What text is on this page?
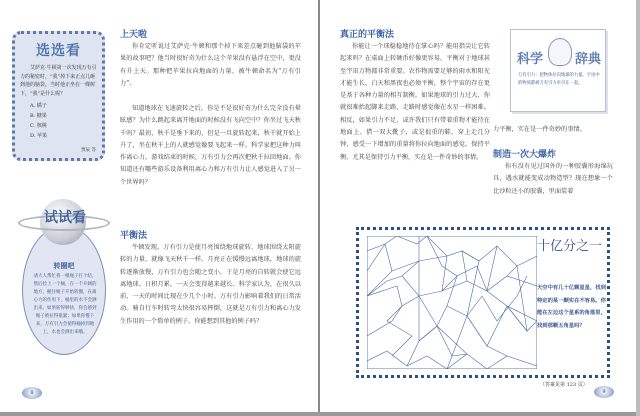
选选看
艾萨克·牛顿第一次发现万有引力的秘密时，“我”掉下来正点儿砸到他的脑袋。当时他正坐在一棵树下，“我”是什么呢？
A. 橘子
B. 糖果
C. 核桃
D. 苹果
贾辰 答
试试看
转圈吧
请大人帮忙将一根绳子打个结，然后拴上一个桶，在一个开阔的地方，握住绳子开始转圈，在离心力的作用下，桶里的水不会洒出来。如果转得够快，你会感到绳子被拉得很紧；如果你慢下来，万有引力会使得桶掉到地上，水也会洒出来哦。
上天啦
你肯定听说过艾萨克·牛顿和那个掉下来差点砸到他脑袋的苹果的故事吧？他当时很好奇为什么这个苹果没有悬浮在空中，更没有升上天。那种把苹果拉向地面的力量，被牛顿命名为“万有引力”。
知道地球在飞速旋转之后，你是不是很好奇为什么完全没有晕眩感？为什么跳起来离开地面的时候没有飞向空中？你坐过飞天秋千吗？最初，秋千是垂下来的，但是一旦旋转起来，秋千就开始上升了，坐在秋千上的人就感觉像要飞起来一样。科学家把这种力叫作离心力。游戏结束的时候，万有引力会再次把秋千拉回地面。你知道还有哪些游乐设备利用离心力和万有引力让人感觉进入了另一个世界吗？
平衡法
牛顿发现，万有引力是使月亮围绕地球旋转、地球围绕太阳旋转的力量，就像飞天秋千一样。月亮正在缓慢远离地球，地球的旋转逐渐放慢，万有引力也会随之变小，于是月亮的自转就会使它远离地球。日积月累，一天会变得越来越长。科学家认为，在很久以前，一天的时间比现在少几个小时。万有引力影响着我们的日常活动。骑自行车时转弯太快很容易摔倒，这就是万有引力和离心力发生作用的一个简单的例子。你能想到其他的例子吗？
8
真正的平衡法
你能让一个球稳稳地待在掌心吗？能用指尖让它转起来吗？在桌面上转硬币好像更容易。平衡对于地球甚至宇宙万物都非常重要。农作物需要足够的雨水和阳光才能生长，白天和黑夜也必须平衡，整个宇宙的存在更是基于各种力量的相互制衡。如果地球的引力过大，你就很难抬起脚来走路，走路时感觉像在水星一样困难。相反，如果引力不足，或许我们只有带着重物才能待在地面上。借一双大靴子，或是很重的鞋，穿上走几分钟，感受一下增加的重量将你拉向地面的感觉。保持平衡，尤其是保持引力平衡，实在是一件奇妙的事情。
力平衡，实在是一件奇妙的事情。
科学 辞典
万有引力：把物体拉向地球的力量。宇宙中的物质都被万有引力牵引在一起。
制造一次大爆炸
你有没有见过国外的一种胶囊形海绵玩具，遇水就能变成动物造型？现在想象一个比沙粒还小的胶囊，里面装着
十亿分之一
天空中有几十亿颗星星，找到特定的某一颗实在不容易。你能在左边这个星系的角落里，找到那颗五角星吗？
（答案见第 123 页）
9
